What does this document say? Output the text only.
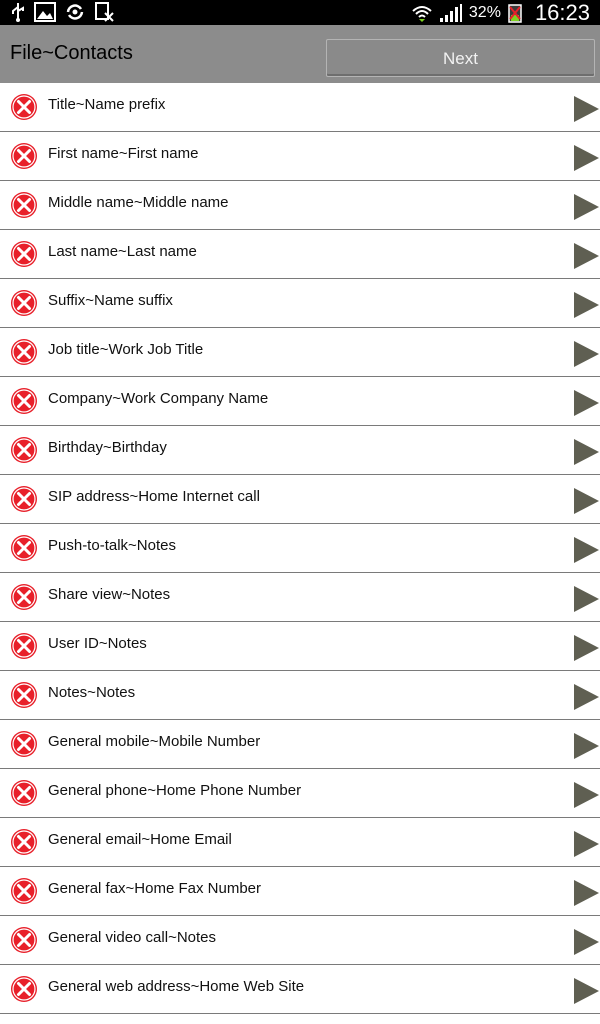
32% 16:23
File~Contacts	Next
Title~Name prefix
First name~First name
Middle name~Middle name
Last name~Last name
Suffix~Name suffix
Job title~Work Job Title
Company~Work Company Name
Birthday~Birthday
SIP address~Home Internet call
Push-to-talk~Notes
Share view~Notes
User ID~Notes
Notes~Notes
General mobile~Mobile Number
General phone~Home Phone Number
General email~Home Email
General fax~Home Fax Number
General video call~Notes
General web address~Home Web Site
